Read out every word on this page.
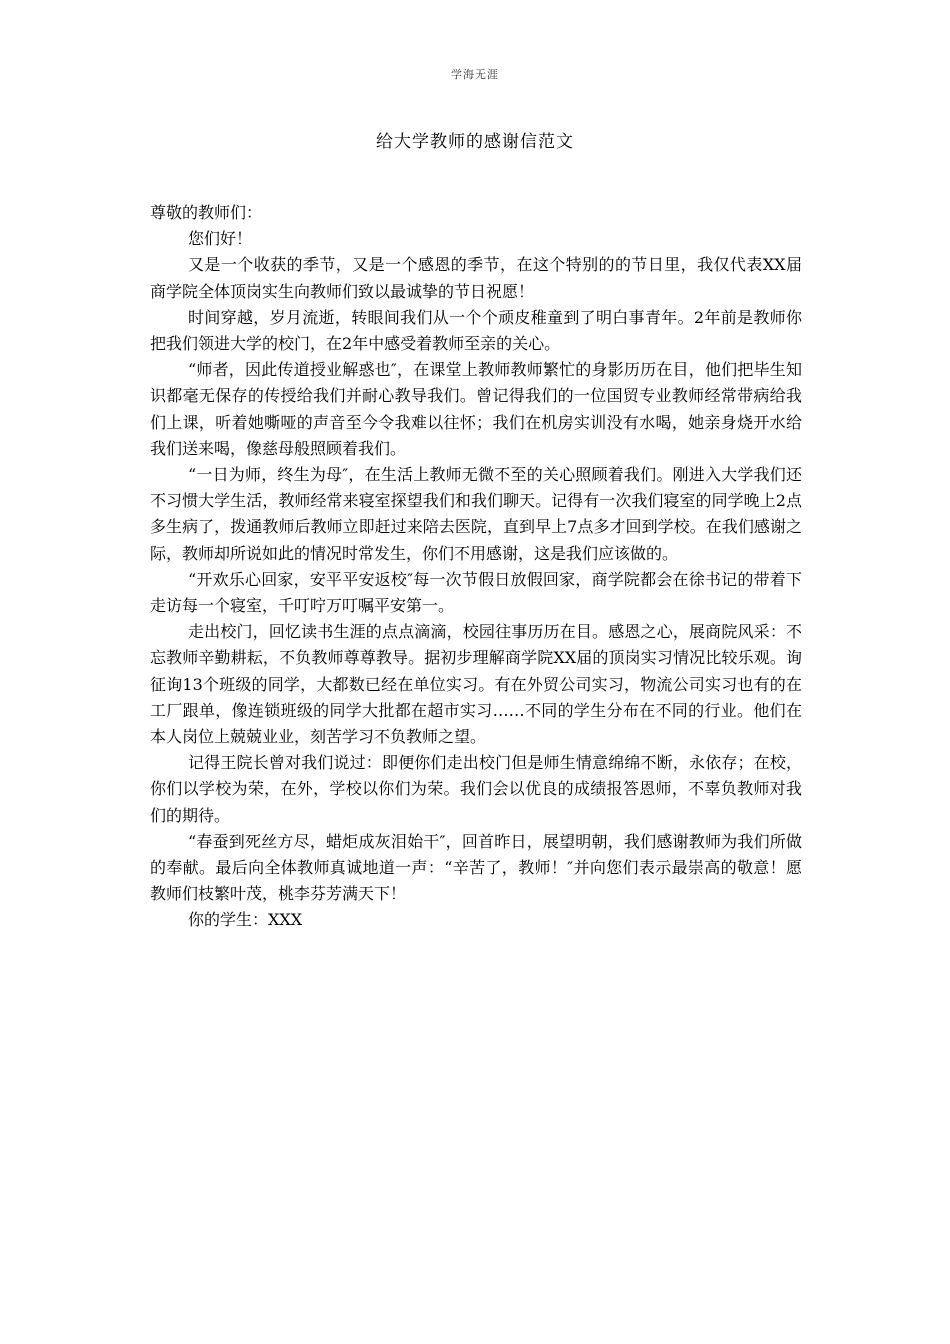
学海无涯
给大学教师的感谢信范文

尊敬的教师们：

您们好！

又是一个收获的季节，又是一个感恩的季节，在这个特别的的节日里，我仅代表XX届商学院全体顶岗实生向教师们致以最诚挚的节日祝愿！

时间穿越，岁月流逝，转眼间我们从一个个顽皮稚童到了明白事青年。2年前是教师你把我们领进大学的校门，在2年中感受着教师至亲的关心。

“师者，因此传道授业解惑也″，在课堂上教师教师繁忙的身影历历在目，他们把毕生知识都毫无保存的传授给我们并耐心教导我们。曾记得我们的一位国贸专业教师经常带病给我们上课，听着她嘶哑的声音至今令我难以往怀；我们在机房实训没有水喝，她亲身烧开水给我们送来喝，像慈母般照顾着我们。

“一日为师，终生为母″，在生活上教师无微不至的关心照顾着我们。刚进入大学我们还不习惯大学生活，教师经常来寝室探望我们和我们聊天。记得有一次我们寝室的同学晚上2点多生病了，拨通教师后教师立即赶过来陪去医院，直到早上7点多才回到学校。在我们感谢之际，教师却所说如此的情况时常发生，你们不用感谢，这是我们应该做的。

“开欢乐心回家，安平平安返校″每一次节假日放假回家，商学院都会在徐书记的带着下走访每一个寝室，千叮咛万叮嘱平安第一。

走出校门，回忆读书生涯的点点滴滴，校园往事历历在目。感恩之心，展商院风采：不忘教师辛勤耕耘，不负教师尊尊教导。据初步理解商学院XX届的顶岗实习情况比较乐观。询征询13个班级的同学，大都数已经在单位实习。有在外贸公司实习，物流公司实习也有的在工厂跟单，像连锁班级的同学大批都在超市实习……不同的学生分布在不同的行业。他们在本人岗位上兢兢业业，刻苦学习不负教师之望。

记得王院长曾对我们说过：即便你们走出校门但是师生情意绵绵不断，永依存；在校，你们以学校为荣，在外，学校以你们为荣。我们会以优良的成绩报答恩师，不辜负教师对我们的期待。

“春蚕到死丝方尽，蜡炬成灰泪始干″，回首昨日，展望明朝，我们感谢教师为我们所做的奉献。最后向全体教师真诚地道一声：“辛苦了，教师！″并向您们表示最崇高的敬意！愿教师们枝繁叶茂，桃李芬芳满天下！

你的学生：XXX
